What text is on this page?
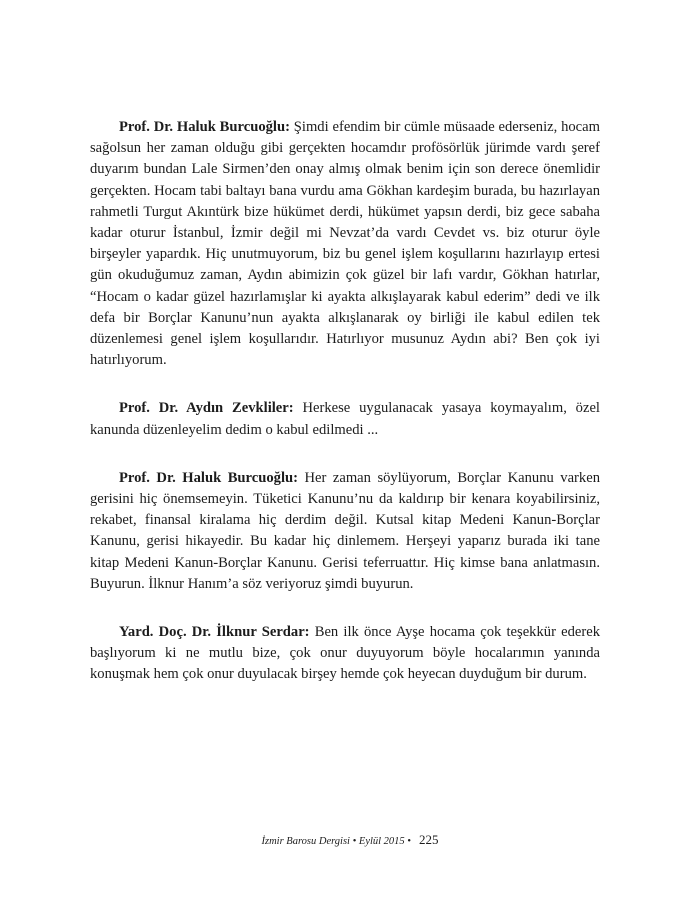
Prof. Dr. Haluk Burcuoğlu: Şimdi efendim bir cümle müsaade ederseniz, hocam sağolsun her zaman olduğu gibi gerçekten hocamdır profösörlük jürimde vardı şeref duyarım bundan Lale Sirmen’den onay almış olmak benim için son derece önemlidir gerçekten. Hocam tabi baltayı bana vurdu ama Gökhan kardeşim burada, bu hazırlayan rahmetli Turgut Akıntürk bize hükümet derdi, hükümet yapsın derdi, biz gece sabaha kadar oturur İstanbul, İzmir değil mi Nevzat’da vardı Cevdet vs. biz oturur öyle birşeyler yapardık. Hiç unutmuyorum, biz bu genel işlem koşullarını hazırlayıp ertesi gün okuduğumuz zaman, Aydın abimizin çok güzel bir lafı vardır, Gökhan hatırlar, “Hocam o kadar güzel hazırlamışlar ki ayakta alkışlayarak kabul ederim” dedi ve ilk defa bir Borçlar Kanunu’nun ayakta alkışlanarak oy birliği ile kabul edilen tek düzenlemesi genel işlem koşullarıdır. Hatırlıyor musunuz Aydın abi? Ben çok iyi hatırlıyorum.

Prof. Dr. Aydın Zevkliler: Herkese uygulanacak yasaya koymayalım, özel kanunda düzenleyelim dedim o kabul edilmedi ...

Prof. Dr. Haluk Burcuoğlu: Her zaman söylüyorum, Borçlar Kanunu varken gerisini hiç önemsemeyin. Tüketici Kanunu’nu da kaldırıp bir kenara koyabilirsiniz, rekabet, finansal kiralama hiç derdim değil. Kutsal kitap Medeni Kanun-Borçlar Kanunu, gerisi hikayedir. Bu kadar hiç dinlemem. Herşeyi yaparız burada iki tane kitap Medeni Kanun-Borçlar Kanunu. Gerisi teferruattır. Hiç kimse bana anlatmasın. Buyurun. İlknur Hanım’a söz veriyoruz şimdi buyurun.

Yard. Doç. Dr. İlknur Serdar: Ben ilk önce Ayşe hocama çok teşekkür ederek başlıyorum ki ne mutlu bize, çok onur duyuyorum böyle hocalarımın yanında konuşmak hem çok onur duyulacak birşey hemde çok heyecan duyduğum bir durum.

İzmir Barosu Dergisi • Eylül 2015 • 225
